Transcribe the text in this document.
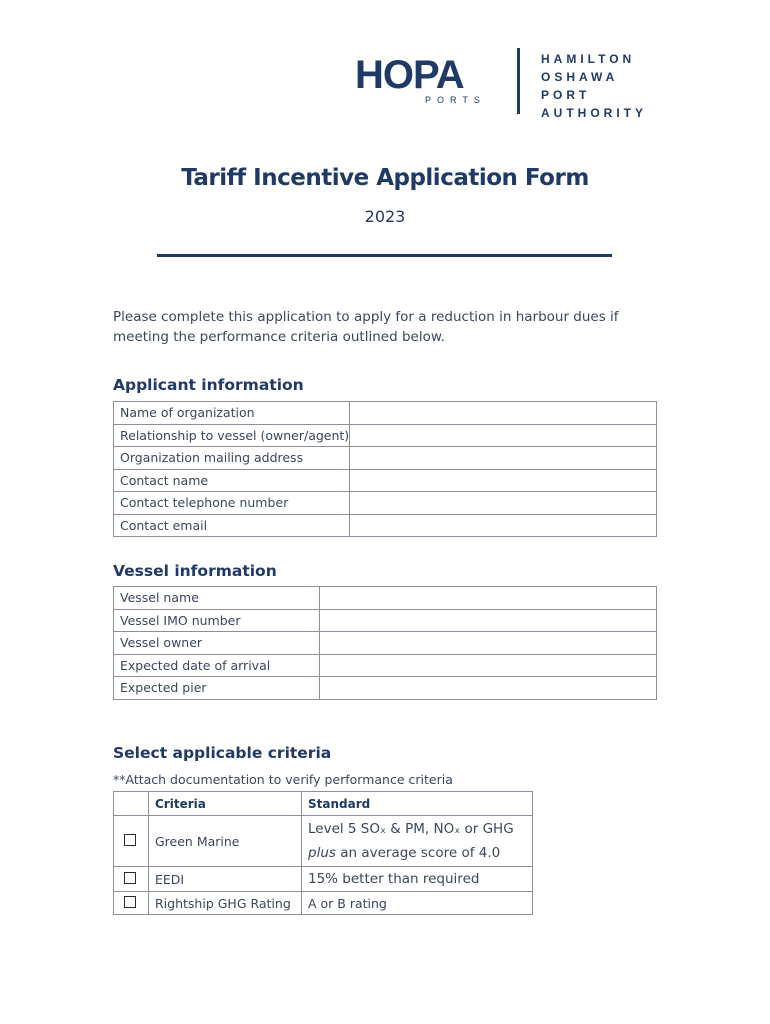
HOPA
PORTS
HAMILTON
OSHAWA
PORT
AUTHORITY
Tariff Incentive Application Form
2023
Please complete this application to apply for a reduction in harbour dues if meeting the performance criteria outlined below.
Applicant information
Name of organization	
Relationship to vessel (owner/agent)	
Organization mailing address	
Contact name	
Contact telephone number	
Contact email	
Vessel information
Vessel name	
Vessel IMO number	
Vessel owner	
Expected date of arrival	
Expected pier	
Select applicable criteria
**Attach documentation to verify performance criteria
	Criteria	Standard
	Green Marine	Level 5 SOₓ & PM, NOₓ or GHG
plus an average score of 4.0

	EEDI	15% better than required
	Rightship GHG Rating	A or B rating
